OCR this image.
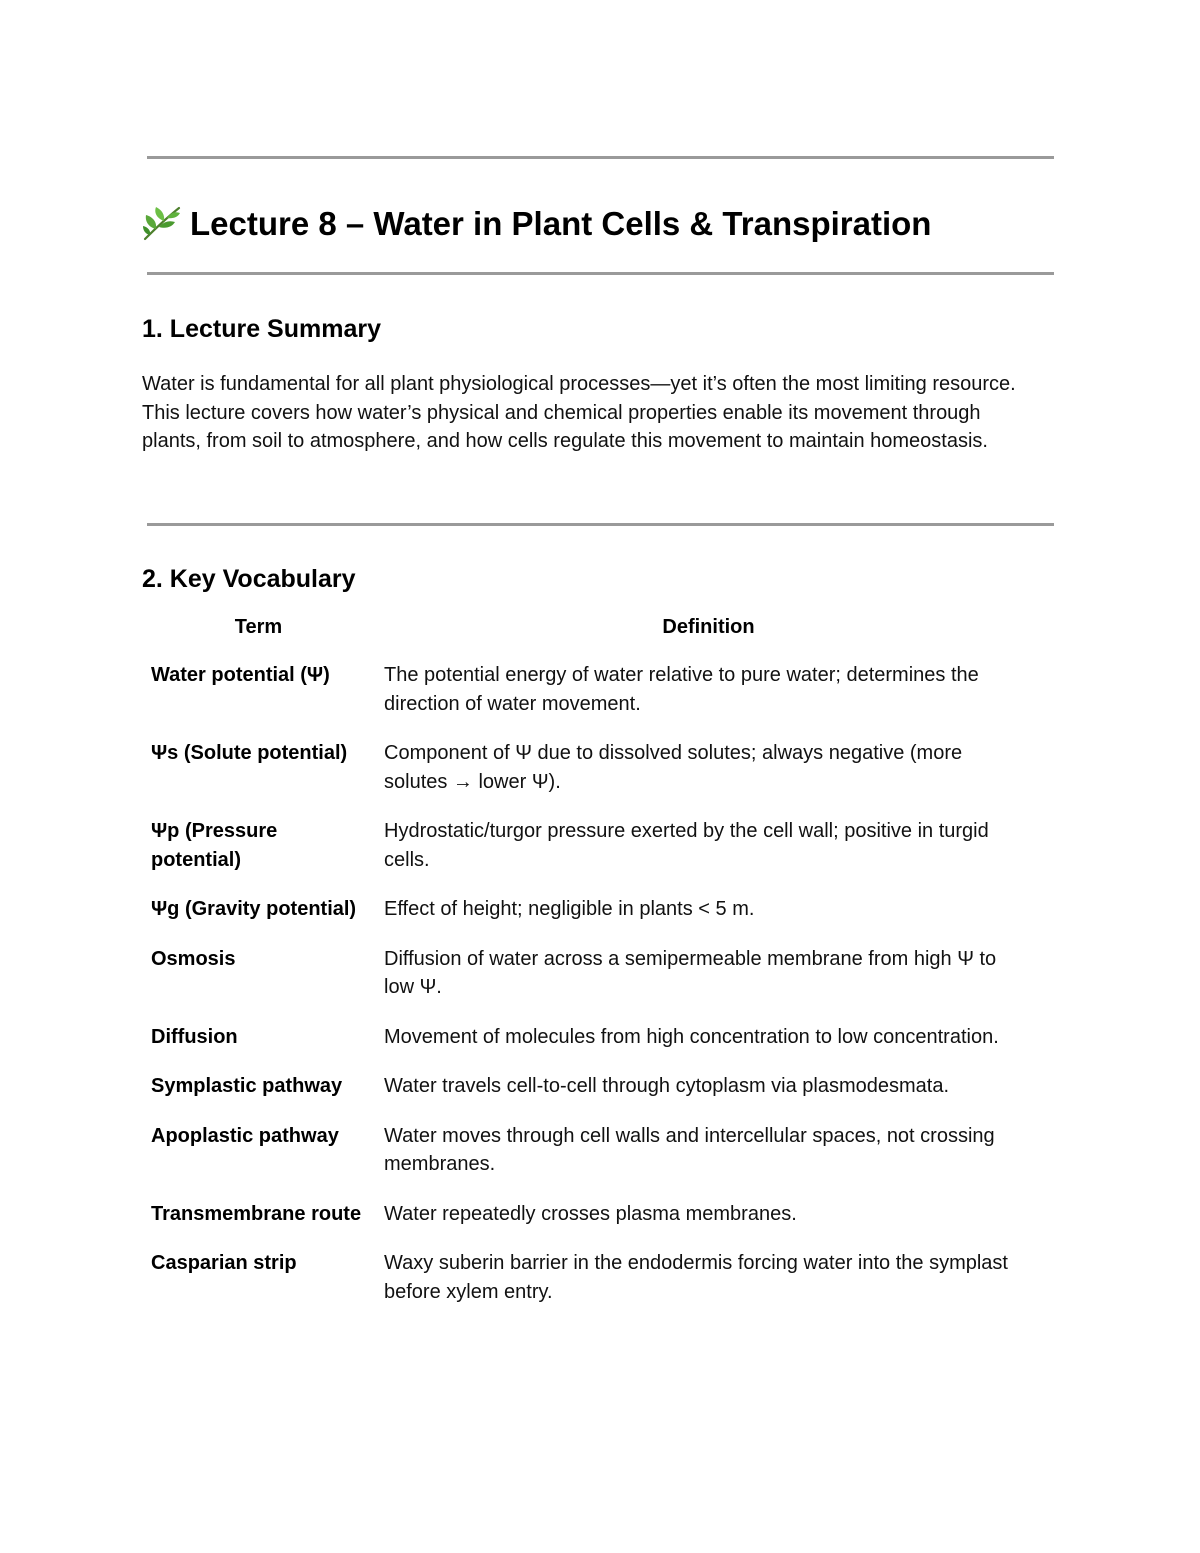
Lecture 8 – Water in Plant Cells & Transpiration
1. Lecture Summary

Water is fundamental for all plant physiological processes—yet it’s often the most limiting resource. This lecture covers how water’s physical and chemical properties enable its movement through plants, from soil to atmosphere, and how cells regulate this movement to maintain homeostasis.

2. Key Vocabulary
Term	Definition
Water potential (Ψ)	The potential energy of water relative to pure water; determines the direction of water movement.
Ψs (Solute potential)	Component of Ψ due to dissolved solutes; always negative (more solutes → lower Ψ).
Ψp (Pressure potential)	Hydrostatic/turgor pressure exerted by the cell wall; positive in turgid cells.
Ψg (Gravity potential)	Effect of height; negligible in plants < 5 m.
Osmosis	Diffusion of water across a semipermeable membrane from high Ψ to low Ψ.
Diffusion	Movement of molecules from high concentration to low concentration.
Symplastic pathway	Water travels cell-to-cell through cytoplasm via plasmodesmata.
Apoplastic pathway	Water moves through cell walls and intercellular spaces, not crossing membranes.
Transmembrane route	Water repeatedly crosses plasma membranes.
Casparian strip	Waxy suberin barrier in the endodermis forcing water into the symplast before xylem entry.
